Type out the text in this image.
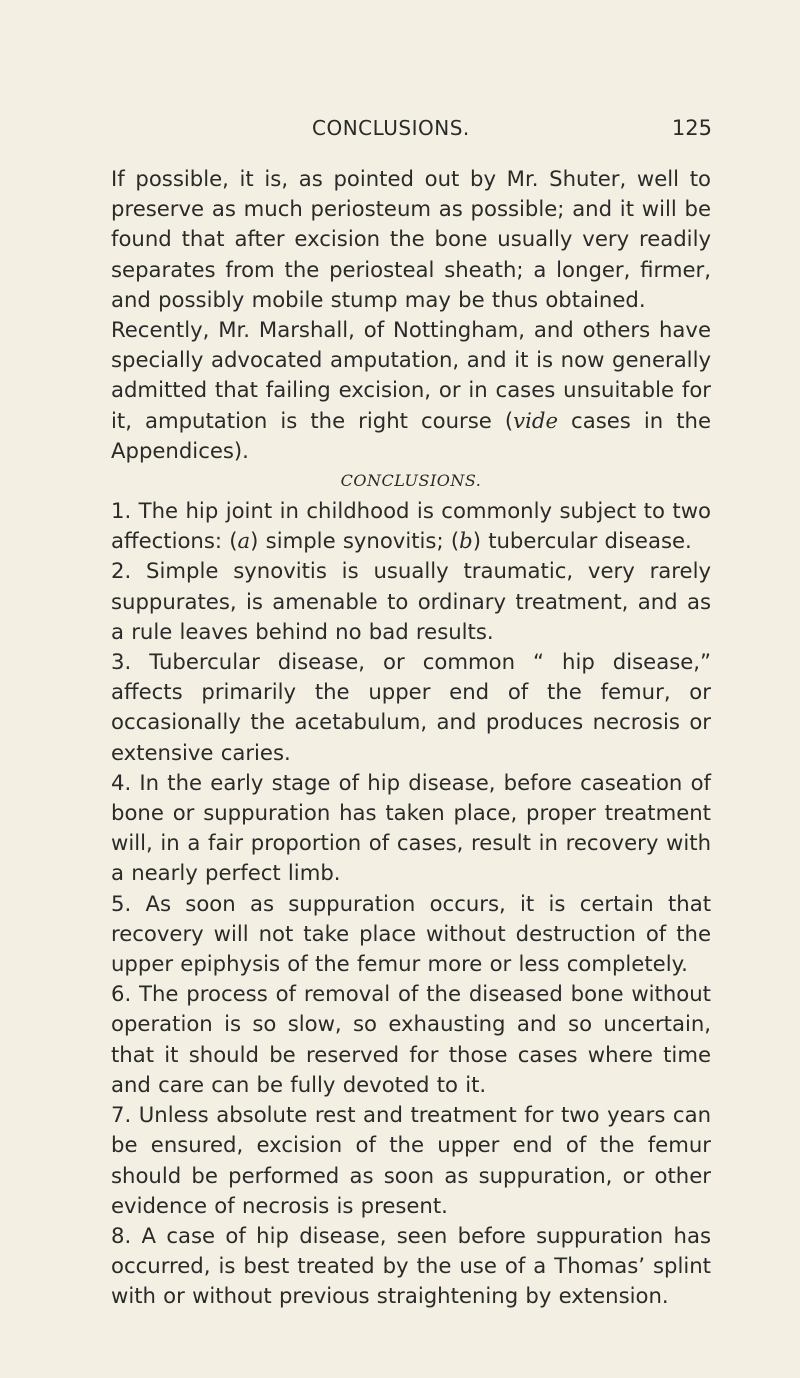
CONCLUSIONS.	125

If possible, it is, as pointed out by Mr. Shuter, well to preserve as much periosteum as possible; and it will be found that after excision the bone usually very readily separates from the periosteal sheath; a longer, firmer, and possibly mobile stump may be thus obtained.

Recently, Mr. Marshall, of Nottingham, and others have specially advocated amputation, and it is now generally admitted that failing excision, or in cases unsuitable for it, amputation is the right course (vide cases in the Appendices).

CONCLUSIONS.

1. The hip joint in childhood is commonly subject to two affections: (a) simple synovitis; (b) tubercular disease.

2. Simple synovitis is usually traumatic, very rarely suppurates, is amenable to ordinary treatment, and as a rule leaves behind no bad results.

3. Tubercular disease, or common “ hip disease,” affects primarily the upper end of the femur, or occasionally the acetabulum, and produces necrosis or extensive caries.

4. In the early stage of hip disease, before caseation of bone or suppuration has taken place, proper treatment will, in a fair proportion of cases, result in recovery with a nearly perfect limb.

5. As soon as suppuration occurs, it is certain that recovery will not take place without destruction of the upper epiphysis of the femur more or less completely.

6. The process of removal of the diseased bone without operation is so slow, so exhausting and so uncertain, that it should be reserved for those cases where time and care can be fully devoted to it.

7. Unless absolute rest and treatment for two years can be ensured, excision of the upper end of the femur should be performed as soon as suppuration, or other evidence of necrosis is present.

8. A case of hip disease, seen before suppuration has occurred, is best treated by the use of a Thomas’ splint with or without previous straightening by extension.
